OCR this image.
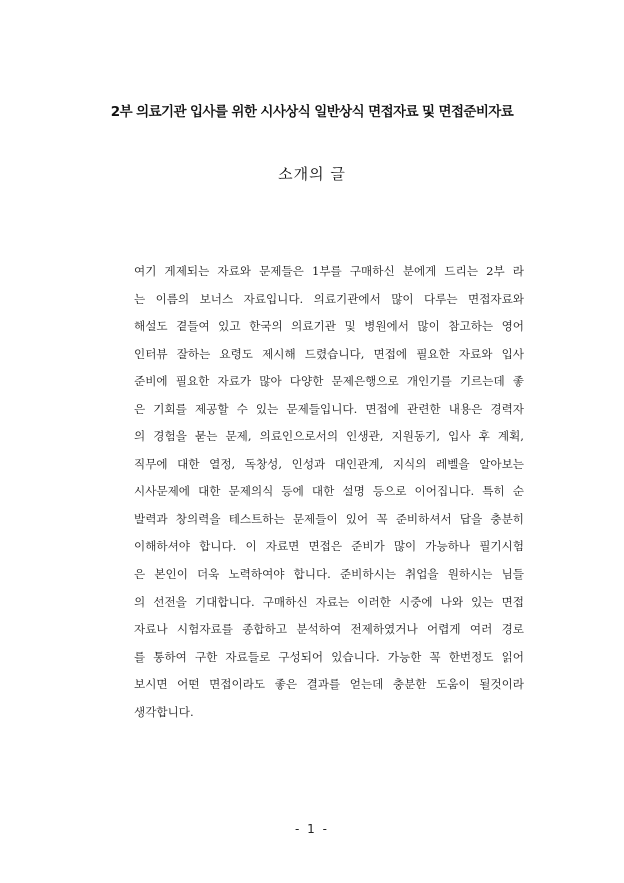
2부 의료기관 입사를 위한 시사상식 일반상식 면접자료 및 면접준비자료
소개의 글
여기 게제되는 자료와 문제들은 1부를 구매하신 분에게 드리는 2부 라
는 이름의 보너스 자료입니다. 의료기관에서 많이 다루는 면접자료와
해설도 곁들여 있고 한국의 의료기관 및 병원에서 많이 참고하는 영어
인터뷰 잘하는 요령도 제시해 드렸습니다, 면접에 필요한 자료와 입사
준비에 필요한 자료가 많아 다양한 문제은행으로 개인기를 기르는데 좋
은 기회를 제공할 수 있는 문제들입니다. 면접에 관련한 내용은 경력자
의 경험을 묻는 문제, 의료인으로서의 인생관, 지원동기, 입사 후 계획,
직무에 대한 열정, 독창성, 인성과 대인관계, 지식의 레벨을 알아보는
시사문제에 대한 문제의식 등에 대한 설명 등으로 이어집니다. 특히 순
발력과 창의력을 테스트하는 문제들이 있어 꼭 준비하셔서 답을 충분히
이해하셔야 합니다. 이 자료면 면접은 준비가 많이 가능하나 필기시험
은 본인이 더욱 노력하여야 합니다. 준비하시는 취업을 원하시는 님들
의 선전을 기대합니다. 구매하신 자료는 이러한 시중에 나와 있는 면접
자료나 시험자료를 종합하고 분석하여 전제하였거나 어렵게 여러 경로
를 통하여 구한 자료들로 구성되어 있습니다. 가능한 꼭 한번정도 읽어
보시면 어떤 면접이라도 좋은 결과를 얻는데 충분한 도움이 될것이라
생각합니다.
- 1 -
